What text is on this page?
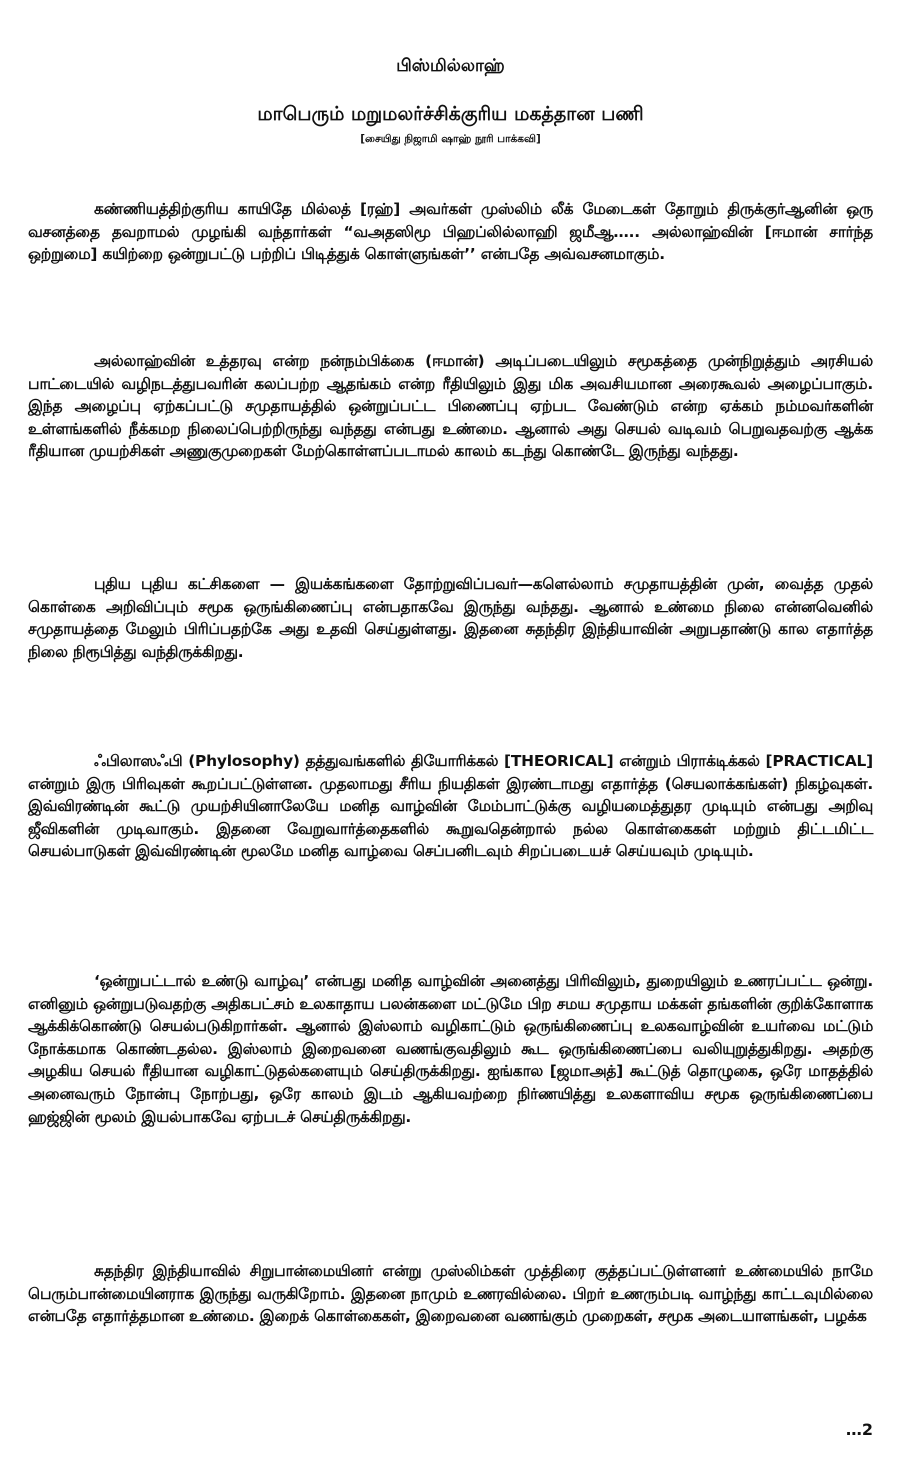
பிஸ்மில்லாஹ்
மாபெரும் மறுமலர்ச்சிக்குரிய மகத்தான பணி
[சையிது நிஜாமி ஷாஹ் நூரி பாக்கவி]

கண்ணியத்திற்குரிய காயிதே மில்லத் [ரஹ்] அவர்கள் முஸ்லிம் லீக் மேடைகள் தோறும் திருக்குர்ஆனின் ஒரு வசனத்தை தவறாமல் முழங்கி வந்தார்கள் “வஅதஸிமூ பிஹப்லில்லாஹி ஜமீஆ….. அல்லாஹ்வின் [ஈமான் சார்ந்த ஒற்றுமை] கயிற்றை ஒன்றுபட்டு பற்றிப் பிடித்துக் கொள்ளுங்கள்’’ என்பதே அவ்வசனமாகும்.

அல்லாஹ்வின் உத்தரவு என்ற நன்நம்பிக்கை (ஈமான்) அடிப்படையிலும் சமூகத்தை முன்நிறுத்தும் அரசியல் பாட்டையில் வழிநடத்துபவரின் கலப்பற்ற ஆதங்கம் என்ற ரீதியிலும் இது மிக அவசியமான அரைகூவல் அழைப்பாகும். இந்த அழைப்பு ஏற்கப்பட்டு சமுதாயத்தில் ஒன்றுப்பட்ட பிணைப்பு ஏற்பட வேண்டும் என்ற ஏக்கம் நம்மவர்களின் உள்ளங்களில் நீக்கமற நிலைப்பெற்றிருந்து வந்தது என்பது உண்மை. ஆனால் அது செயல் வடிவம் பெறுவதவற்கு ஆக்க ரீதியான முயற்சிகள் அணுகுமுறைகள் மேற்கொள்ளப்படாமல் காலம் கடந்து கொண்டே இருந்து வந்தது.

புதிய புதிய கட்சிகளை — இயக்கங்களை தோற்றுவிப்பவர்—களெல்லாம் சமுதாயத்தின் முன், வைத்த முதல் கொள்கை அறிவிப்பும் சமூக ஒருங்கிணைப்பு என்பதாகவே இருந்து வந்தது. ஆனால் உண்மை நிலை என்னவெனில் சமுதாயத்தை மேலும் பிரிப்பதற்கே அது உதவி செய்துள்ளது. இதனை சுதந்திர இந்தியாவின் அறுபதாண்டு கால எதார்த்த நிலை நிரூபித்து வந்திருக்கிறது.

ஃபிலாஸஃபி (Phylosophy) தத்துவங்களில் தியோரிக்கல் [THEORICAL] என்றும் பிராக்டிக்கல் [PRACTICAL] என்றும் இரு பிரிவுகள் கூறப்பட்டுள்ளன. முதலாமது சீரிய நியதிகள் இரண்டாமது எதார்த்த (செயலாக்கங்கள்) நிகழ்வுகள். இவ்விரண்டின் கூட்டு முயற்சியினாலேயே மனித வாழ்வின் மேம்பாட்டுக்கு வழியமைத்துதர முடியும் என்பது அறிவு ஜீவிகளின் முடிவாகும். இதனை வேறுவார்த்தைகளில் கூறுவதென்றால் நல்ல கொள்கைகள் மற்றும் திட்டமிட்ட செயல்பாடுகள் இவ்விரண்டின் மூலமே மனித வாழ்வை செப்பனிடவும் சிறப்படையச் செய்யவும் முடியும்.

‘ஒன்றுபட்டால் உண்டு வாழ்வு’ என்பது மனித வாழ்வின் அனைத்து பிரிவிலும், துறையிலும் உணரப்பட்ட ஒன்று. எனினும் ஒன்றுபடுவதற்கு அதிகபட்சம் உலகாதாய பலன்களை மட்டுமே பிற சமய சமுதாய மக்கள் தங்களின் குறிக்கோளாக ஆக்கிக்கொண்டு செயல்படுகிறார்கள். ஆனால் இஸ்லாம் வழிகாட்டும் ஒருங்கிணைப்பு உலகவாழ்வின் உயர்வை மட்டும் நோக்கமாக கொண்டதல்ல. இஸ்லாம் இறைவனை வணங்குவதிலும் கூட ஒருங்கிணைப்பை வலியுறுத்துகிறது. அதற்கு அழகிய செயல் ரீதியான வழிகாட்டுதல்களையும் செய்திருக்கிறது. ஐங்கால [ஜமாஅத்] கூட்டுத் தொழுகை, ஒரே மாதத்தில் அனைவரும் நோன்பு நோற்பது, ஒரே காலம் இடம் ஆகியவற்றை நிர்ணயித்து உலகளாவிய சமூக ஒருங்கிணைப்பை ஹஜ்ஜின் மூலம் இயல்பாகவே ஏற்படச் செய்திருக்கிறது.

சுதந்திர இந்தியாவில் சிறுபான்மையினர் என்று முஸ்லிம்கள் முத்திரை குத்தப்பட்டுள்ளனர் உண்மையில் நாமே பெரும்பான்மையினராக இருந்து வருகிறோம். இதனை நாமும் உணரவில்லை. பிறர் உணரும்படி வாழ்ந்து காட்டவுமில்லை என்பதே எதார்த்தமான உண்மை. இறைக் கொள்கைகள், இறைவனை வணங்கும் முறைகள், சமூக அடையாளங்கள், பழக்க

…2
